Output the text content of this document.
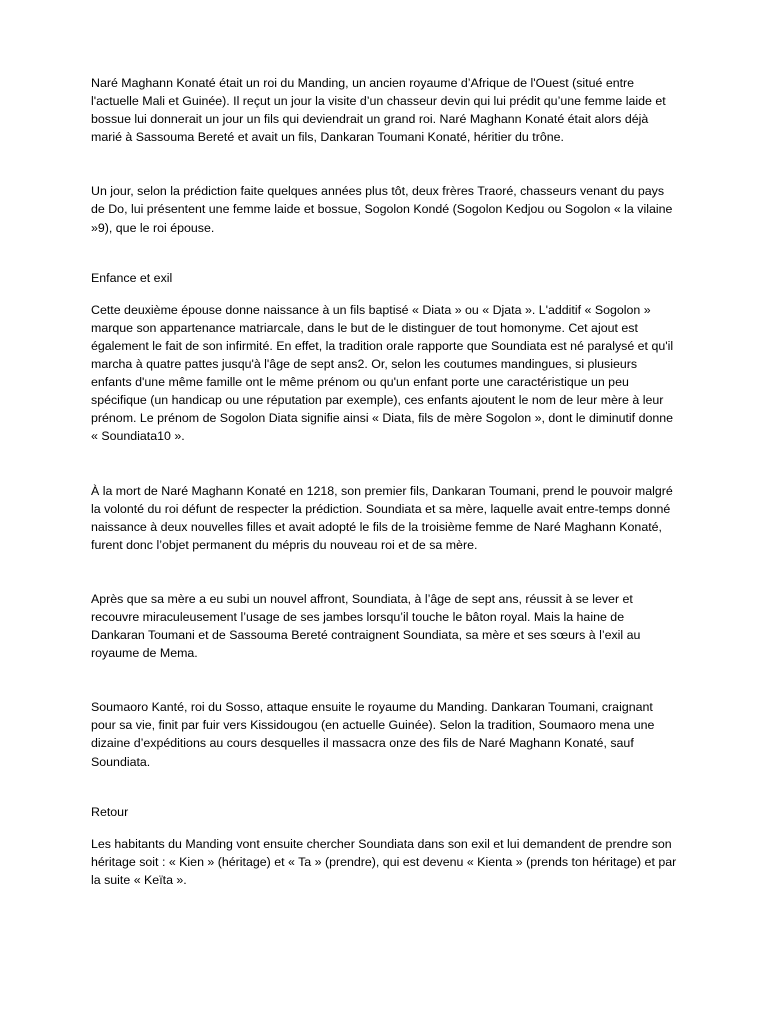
Naré Maghann Konaté était un roi du Manding, un ancien royaume d’Afrique de l'Ouest (situé entre l'actuelle Mali et Guinée). Il reçut un jour la visite d’un chasseur devin qui lui prédit qu’une femme laide et bossue lui donnerait un jour un fils qui deviendrait un grand roi. Naré Maghann Konaté était alors déjà marié à Sassouma Bereté et avait un fils, Dankaran Toumani Konaté, héritier du trône.

Un jour, selon la prédiction faite quelques années plus tôt, deux frères Traoré, chasseurs venant du pays de Do, lui présentent une femme laide et bossue, Sogolon Kondé (Sogolon Kedjou ou Sogolon « la vilaine »9), que le roi épouse.

Enfance et exil

Cette deuxième épouse donne naissance à un fils baptisé « Diata » ou « Djata ». L'additif « Sogolon » marque son appartenance matriarcale, dans le but de le distinguer de tout homonyme. Cet ajout est également le fait de son infirmité. En effet, la tradition orale rapporte que Soundiata est né paralysé et qu'il marcha à quatre pattes jusqu'à l'âge de sept ans2. Or, selon les coutumes mandingues, si plusieurs enfants d'une même famille ont le même prénom ou qu'un enfant porte une caractéristique un peu spécifique (un handicap ou une réputation par exemple), ces enfants ajoutent le nom de leur mère à leur prénom. Le prénom de Sogolon Diata signifie ainsi « Diata, fils de mère Sogolon », dont le diminutif donne « Soundiata10 ».

À la mort de Naré Maghann Konaté en 1218, son premier fils, Dankaran Toumani, prend le pouvoir malgré la volonté du roi défunt de respecter la prédiction. Soundiata et sa mère, laquelle avait entre-temps donné naissance à deux nouvelles filles et avait adopté le fils de la troisième femme de Naré Maghann Konaté, furent donc l’objet permanent du mépris du nouveau roi et de sa mère.

Après que sa mère a eu subi un nouvel affront, Soundiata, à l’âge de sept ans, réussit à se lever et recouvre miraculeusement l’usage de ses jambes lorsqu’il touche le bâton royal. Mais la haine de Dankaran Toumani et de Sassouma Bereté contraignent Soundiata, sa mère et ses sœurs à l’exil au royaume de Mema.

Soumaoro Kanté, roi du Sosso, attaque ensuite le royaume du Manding. Dankaran Toumani, craignant pour sa vie, finit par fuir vers Kissidougou (en actuelle Guinée). Selon la tradition, Soumaoro mena une dizaine d’expéditions au cours desquelles il massacra onze des fils de Naré Maghann Konaté, sauf Soundiata.

Retour

Les habitants du Manding vont ensuite chercher Soundiata dans son exil et lui demandent de prendre son héritage soit : « Kien » (héritage) et « Ta » (prendre), qui est devenu « Kienta » (prends ton héritage) et par la suite « Keïta ».
